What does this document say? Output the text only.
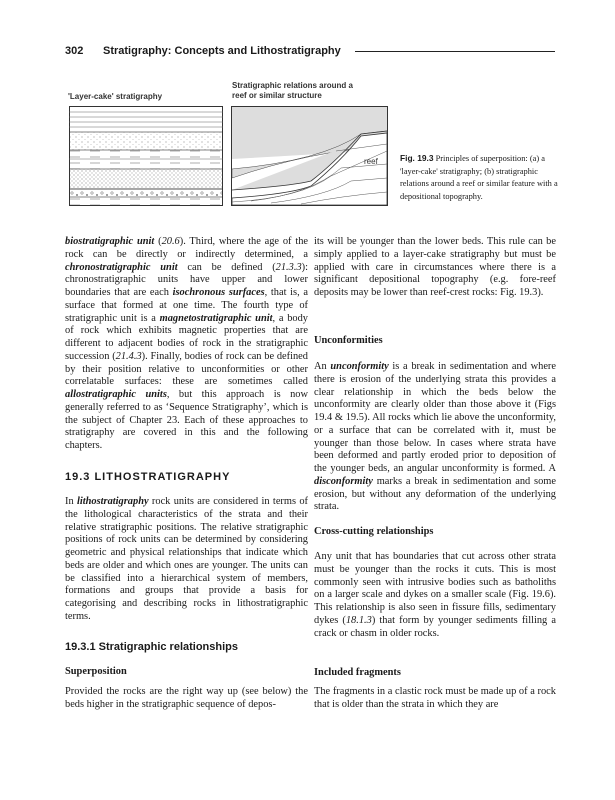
302 Stratigraphy: Concepts and Lithostratigraphy
'Layer-cake' stratigraphy
Stratigraphic relations around a
reef or similar structure
reef	Fig. 19.3 Principles of superposition: (a) a 'layer-cake' stratigraphy; (b) stratigraphic relations around a reef or similar feature with a depositional topography.
biostratigraphic unit (20.6). Third, where the age of the rock can be directly or indirectly determined, a chronostratigraphic unit can be defined (21.3.3): chronostratigraphic units have upper and lower boundaries that are each isochronous surfaces, that is, a surface that formed at one time. The fourth type of stratigraphic unit is a magnetostratigraphic unit, a body of rock which exhibits magnetic properties that are different to adjacent bodies of rock in the stratigraphic succession (21.4.3). Finally, bodies of rock can be defined by their position relative to unconformities or other correlatable surfaces: these are sometimes called allostratigraphic units, but this approach is now generally referred to as ‘Sequence Stratigraphy’, which is the subject of Chapter 23. Each of these approaches to stratigraphy are covered in this and the following chapters.
19.3 LITHOSTRATIGRAPHY
In lithostratigraphy rock units are considered in terms of the lithological characteristics of the strata and their relative stratigraphic positions. The relative stratigraphic positions of rock units can be determined by considering geometric and physical relationships that indicate which beds are older and which ones are younger. The units can be classified into a hierarchical system of members, formations and groups that provide a basis for categorising and describing rocks in lithostratigraphic terms.
19.3.1 Stratigraphic relationships
Superposition
Provided the rocks are the right way up (see below) the beds higher in the stratigraphic sequence of depos-
its will be younger than the lower beds. This rule can be simply applied to a layer-cake stratigraphy but must be applied with care in circumstances where there is a significant depositional topography (e.g. fore-reef deposits may be lower than reef-crest rocks: Fig. 19.3).
Unconformities
An unconformity is a break in sedimentation and where there is erosion of the underlying strata this provides a clear relationship in which the beds below the unconformity are clearly older than those above it (Figs 19.4 & 19.5). All rocks which lie above the unconformity, or a surface that can be correlated with it, must be younger than those below. In cases where strata have been deformed and partly eroded prior to deposition of the younger beds, an angular unconformity is formed. A disconformity marks a break in sedimentation and some erosion, but without any deformation of the underlying strata.
Cross-cutting relationships
Any unit that has boundaries that cut across other strata must be younger than the rocks it cuts. This is most commonly seen with intrusive bodies such as batholiths on a larger scale and dykes on a smaller scale (Fig. 19.6). This relationship is also seen in fissure fills, sedimentary dykes (18.1.3) that form by younger sediments filling a crack or chasm in older rocks.
Included fragments
The fragments in a clastic rock must be made up of a rock that is older than the strata in which they are
